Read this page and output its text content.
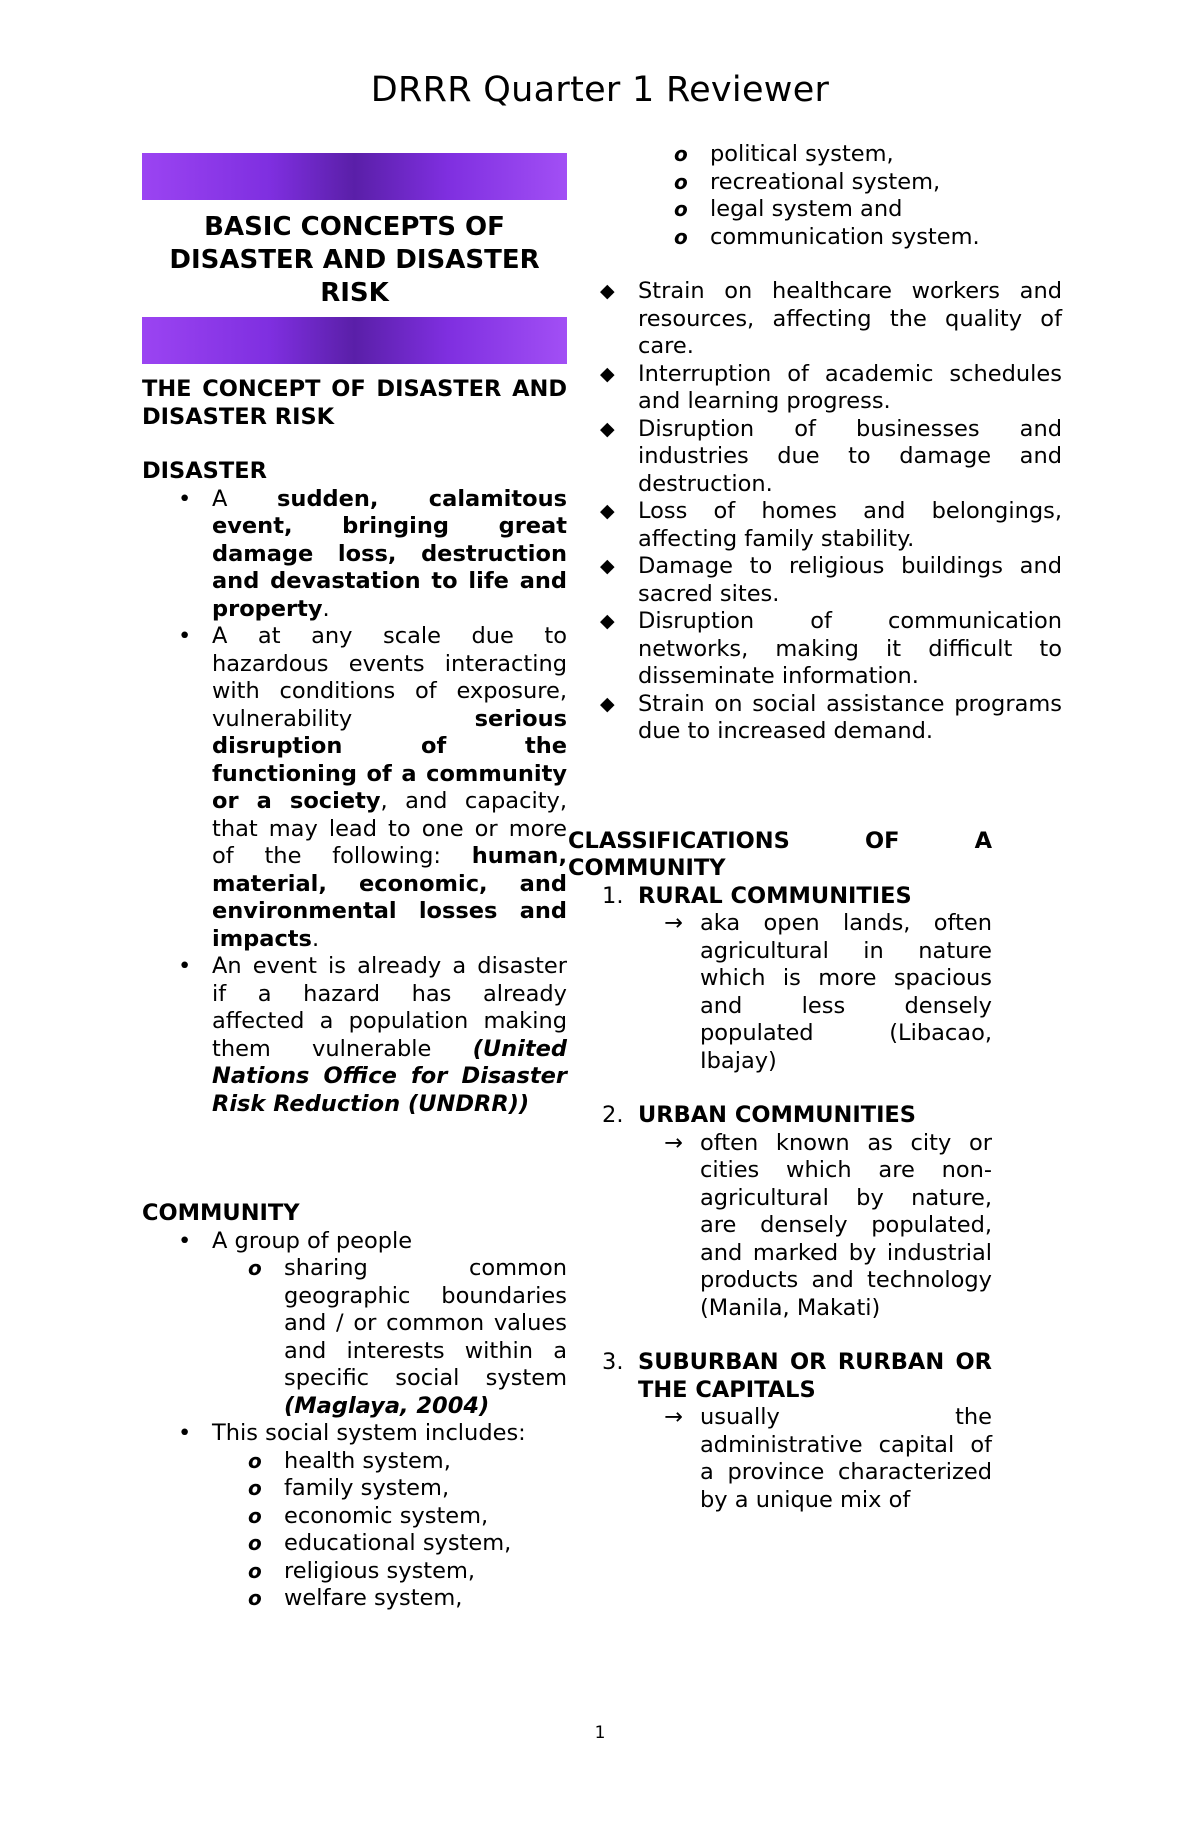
DRRR Quarter 1 Reviewer
BASIC CONCEPTS OF DISASTER AND DISASTER RISK
THE CONCEPT OF DISASTER AND DISASTER RISK
DISASTER
• A sudden, calamitous event, bringing great damage loss, destruction and devastation to life and property.
• A at any scale due to hazardous events interacting with conditions of exposure, vulnerability serious disruption of the functioning of a community or a society, and capacity, that may lead to one or more of the following: human, material, economic, and environmental losses and impacts.
• An event is already a disaster if a hazard has already affected a population making them vulnerable (United Nations Office for Disaster Risk Reduction (UNDRR))
COMMUNITY
• A group of people
o sharing common geographic boundaries and / or common values and interests within a specific social system (Maglaya, 2004)
• This social system includes:
o health system,
o family system,
o economic system,
o educational system,
o religious system,
o welfare system,
o political system,
o recreational system,
o legal system and
o communication system.
◆ Strain on healthcare workers and resources, affecting the quality of care.
◆ Interruption of academic schedules and learning progress.
◆ Disruption of businesses and industries due to damage and destruction.
◆ Loss of homes and belongings, affecting family stability.
◆ Damage to religious buildings and sacred sites.
◆ Disruption of communication networks, making it difficult to disseminate information.
◆ Strain on social assistance programs due to increased demand.
CLASSIFICATIONS OF A COMMUNITY
1. RURAL COMMUNITIES
→ aka open lands, often agricultural in nature which is more spacious and less densely populated (Libacao, Ibajay)
2. URBAN COMMUNITIES
→ often known as city or cities which are non-agricultural by nature, are densely populated, and marked by industrial products and technology (Manila, Makati)
3. SUBURBAN OR RURBAN OR THE CAPITALS
→ usually the administrative capital of a province characterized by a unique mix of
1
